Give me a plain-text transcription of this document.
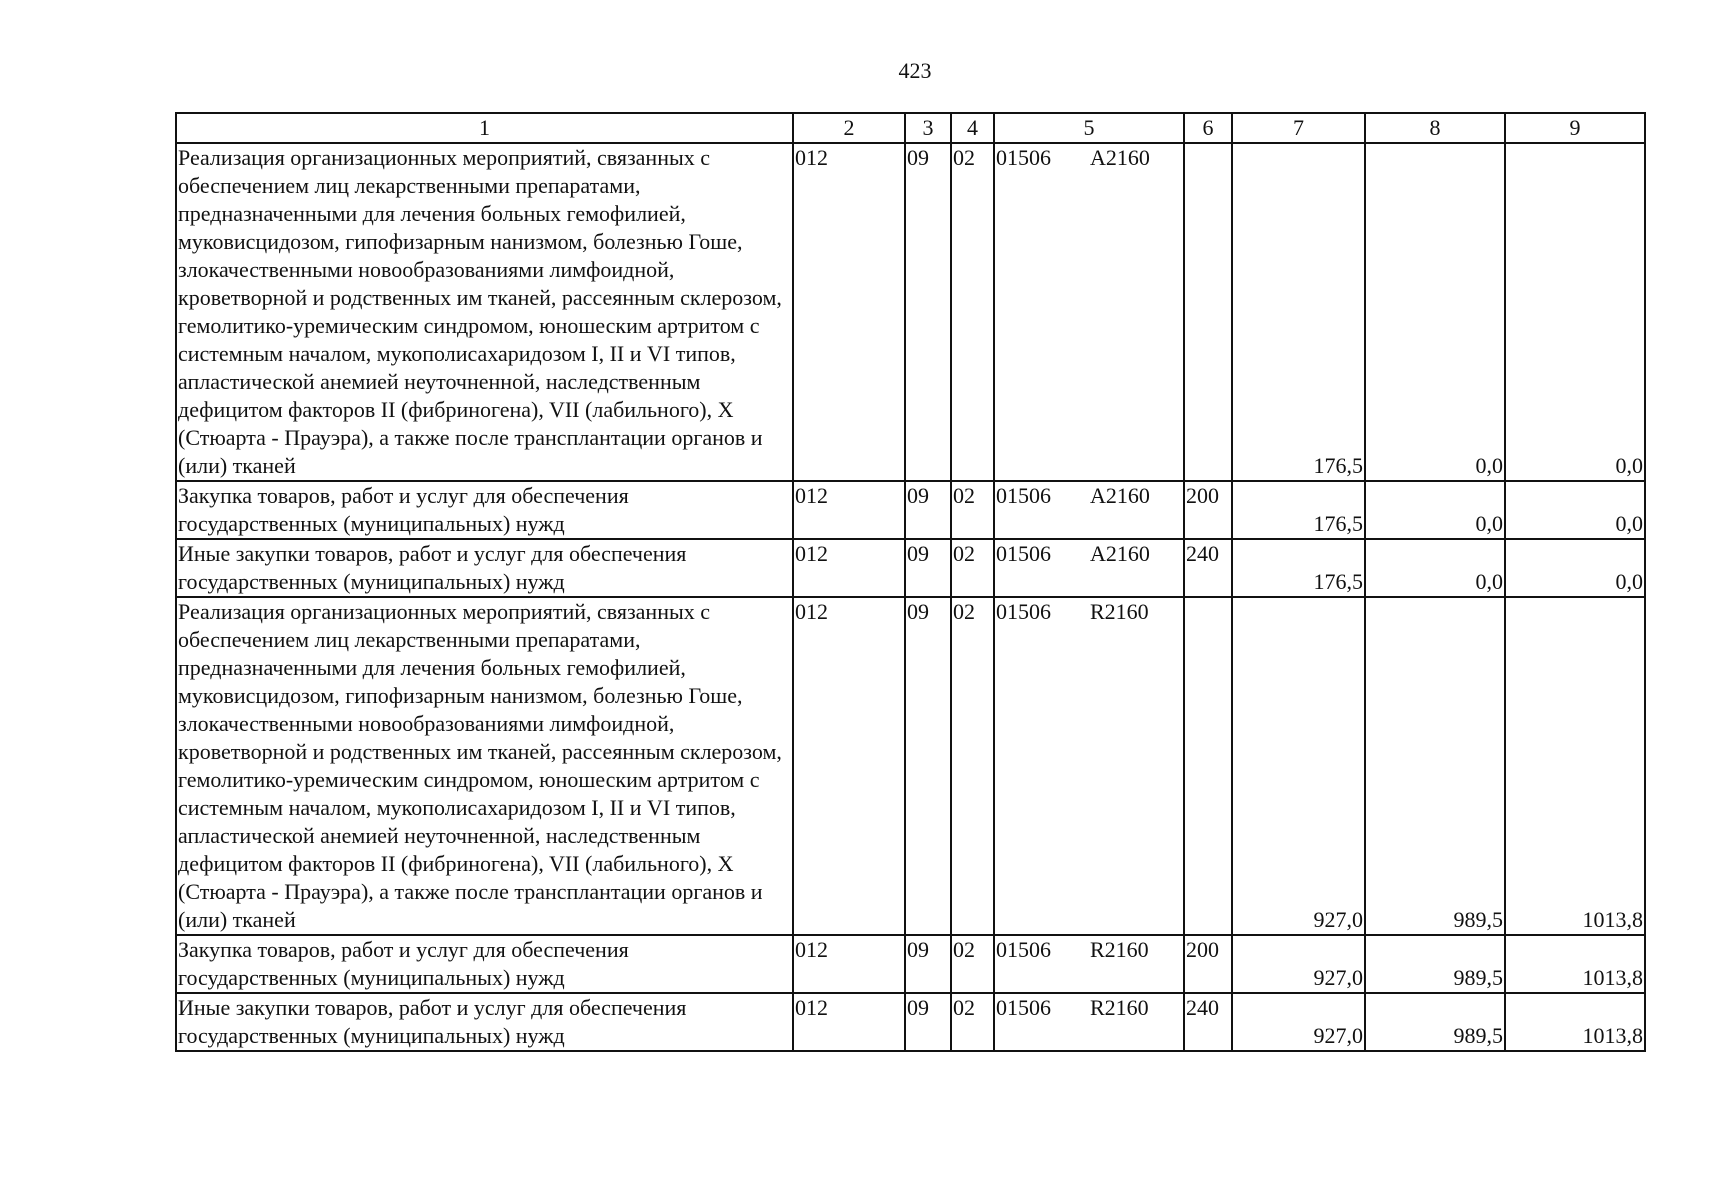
423
1	2	3	4	5	6	7	8	9
Реализация организационных мероприятий, связанных с обеспечением лиц лекарственными препаратами, предназначенными для лечения больных гемофилией, муковисцидозом, гипофизарным нанизмом, болезнью Гоше, злокачественными новообразованиями лимфоидной, кроветворной и родственных им тканей, рассеянным склерозом, гемолитико-уремическим синдромом, юношеским артритом с системным началом, мукополисахаридозом I, II и VI типов, апластической анемией неуточненной, наследственным дефицитом факторов II (фибриногена), VII (лабильного), X (Стюарта - Прауэра), а также после трансплантации органов и (или) тканей	012	09	02	01506 A2160		176,5	0,0	0,0
Закупка товаров, работ и услуг для обеспечения государственных (муниципальных) нужд	012	09	02	01506 A2160	200	176,5	0,0	0,0
Иные закупки товаров, работ и услуг для обеспечения государственных (муниципальных) нужд	012	09	02	01506 A2160	240	176,5	0,0	0,0
Реализация организационных мероприятий, связанных с обеспечением лиц лекарственными препаратами, предназначенными для лечения больных гемофилией, муковисцидозом, гипофизарным нанизмом, болезнью Гоше, злокачественными новообразованиями лимфоидной, кроветворной и родственных им тканей, рассеянным склерозом, гемолитико-уремическим синдромом, юношеским артритом с системным началом, мукополисахаридозом I, II и VI типов, апластической анемией неуточненной, наследственным дефицитом факторов II (фибриногена), VII (лабильного), X (Стюарта - Прауэра), а также после трансплантации органов и (или) тканей	012	09	02	01506 R2160		927,0	989,5	1013,8
Закупка товаров, работ и услуг для обеспечения государственных (муниципальных) нужд	012	09	02	01506 R2160	200	927,0	989,5	1013,8
Иные закупки товаров, работ и услуг для обеспечения государственных (муниципальных) нужд	012	09	02	01506 R2160	240	927,0	989,5	1013,8
